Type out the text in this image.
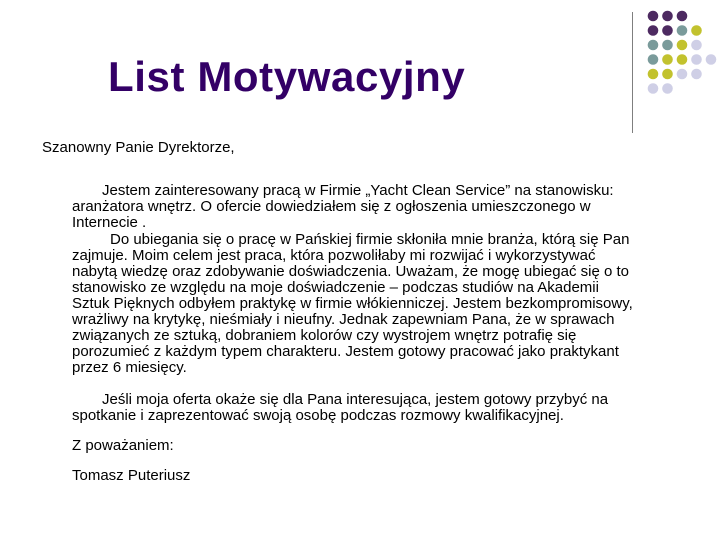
List Motywacyjny

Szanowny Panie Dyrektorze,

Jestem zainteresowany pracą w Firmie „Yacht Clean Service” na stanowisku:

aranżatora wnętrz. O ofercie dowiedziałem się z ogłoszenia umieszczonego w

Internecie .

Do ubiegania się o pracę w Pańskiej firmie skłoniła mnie branża, którą się Pan

zajmuje. Moim celem jest praca, która pozwoliłaby mi rozwijać i wykorzystywać

nabytą wiedzę oraz zdobywanie doświadczenia. Uważam, że mogę ubiegać się o to

stanowisko ze względu na moje doświadczenie – podczas studiów na Akademii

Sztuk Pięknych odbyłem praktykę w firmie włókienniczej. Jestem bezkompromisowy,

wrażliwy na krytykę, nieśmiały i nieufny. Jednak zapewniam Pana, że w sprawach

związanych ze sztuką, dobraniem kolorów czy wystrojem wnętrz potrafię się

porozumieć z każdym typem charakteru. Jestem gotowy pracować jako praktykant

przez 6 miesięcy.

Jeśli moja oferta okaże się dla Pana interesująca, jestem gotowy przybyć na

spotkanie i zaprezentować swoją osobę podczas rozmowy kwalifikacyjnej.

Z poważaniem:

Tomasz Puteriusz
